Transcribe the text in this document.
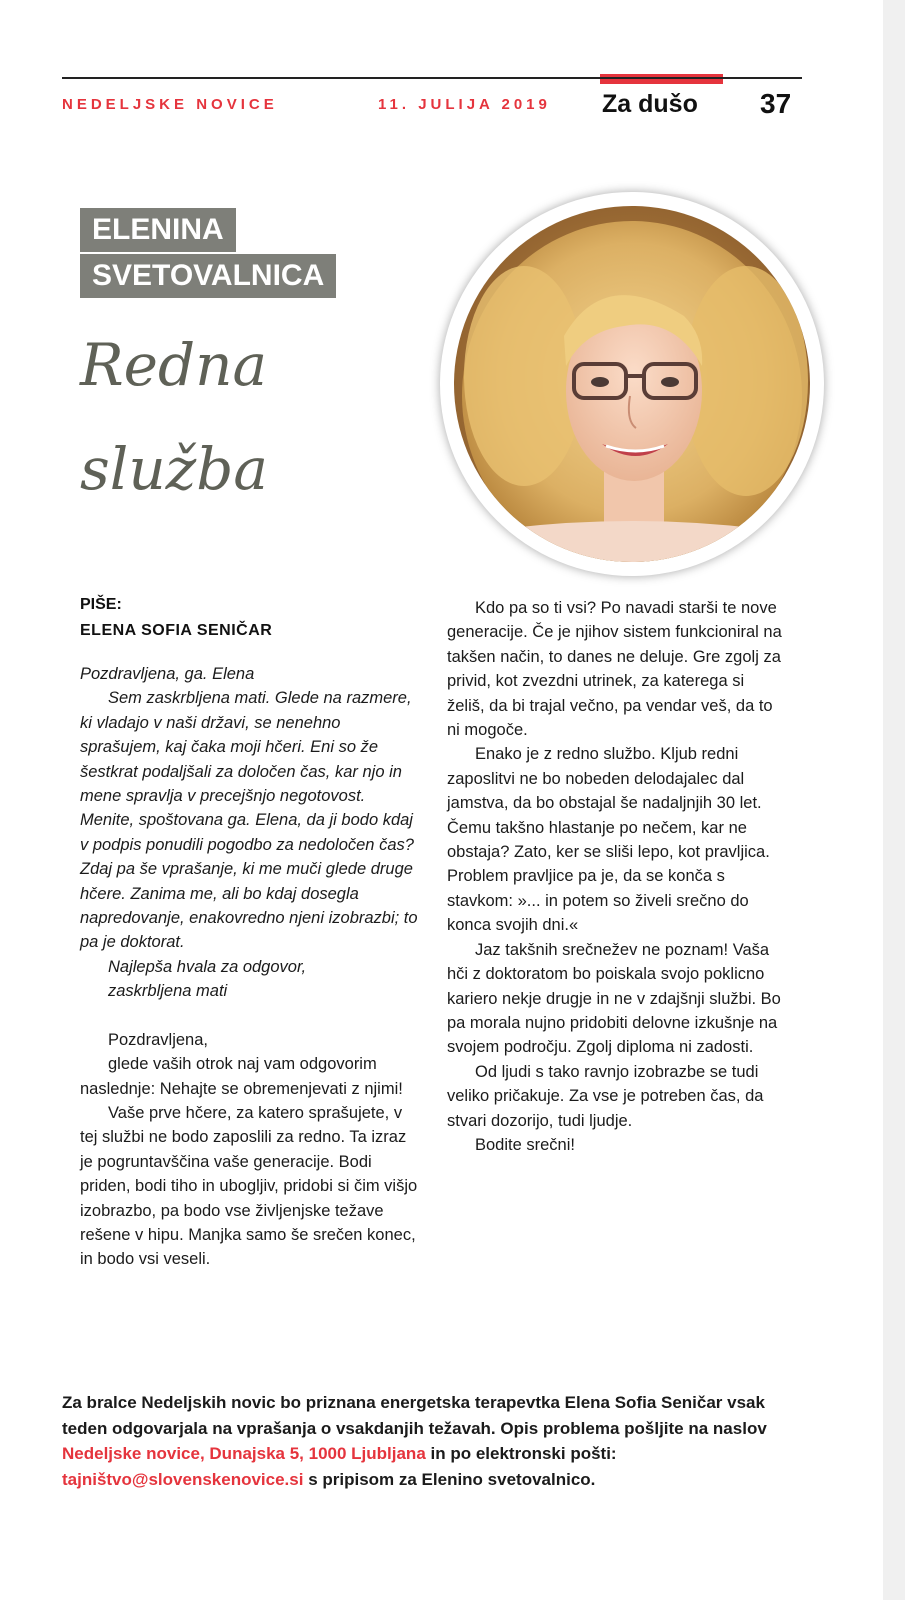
NEDELJSKE NOVICE	11. JULIJA 2019 Za dušo 37
ELENINA
SVETOVALNICA
Redna
služba
PIŠE:
ELENA SOFIA SENIČAR

Pozdravljena, ga. Elena

Sem zaskrbljena mati. Glede na razmere, ki vladajo v naši državi, se nenehno sprašujem, kaj čaka moji hčeri. Eni so že šestkrat podaljšali za določen čas, kar njo in mene spravlja v precejšnjo negotovost. Menite, spoštovana ga. Elena, da ji bodo kdaj v podpis ponudili pogodbo za nedoločen čas? Zdaj pa še vprašanje, ki me muči glede druge hčere. Zanima me, ali bo kdaj dosegla napredovanje, enakovredno njeni izobrazbi; to pa je doktorat.

Najlepša hvala za odgovor,

zaskrbljena mati

Pozdravljena,

glede vaših otrok naj vam odgovorim naslednje: Nehajte se obremenjevati z njimi!

Vaše prve hčere, za katero sprašujete, v tej službi ne bodo zaposlili za redno. Ta izraz je pogruntavščina vaše generacije. Bodi priden, bodi tiho in ubogljiv, pridobi si čim višjo izobrazbo, pa bodo vse življenjske težave rešene v hipu. Manjka samo še srečen konec, in bodo vsi veseli.

Kdo pa so ti vsi? Po navadi starši te nove generacije. Če je njihov sistem funkcioniral na takšen način, to danes ne deluje. Gre zgolj za privid, kot zvezdni utrinek, za katerega si želiš, da bi trajal večno, pa vendar veš, da to ni mogoče.

Enako je z redno službo. Kljub redni zaposlitvi ne bo nobeden delodajalec dal jamstva, da bo obstajal še nadaljnjih 30 let. Čemu takšno hlastanje po nečem, kar ne obstaja? Zato, ker se sliši lepo, kot pravljica. Problem pravljice pa je, da se konča s stavkom: »... in potem so živeli srečno do konca svojih dni.«

Jaz takšnih srečnežev ne poznam! Vaša hči z doktoratom bo poiskala svojo poklicno kariero nekje drugje in ne v zdajšnji službi. Bo pa morala nujno pridobiti delovne izkušnje na svojem področju. Zgolj diploma ni zadosti.

Od ljudi s tako ravnjo izobrazbe se tudi veliko pričakuje. Za vse je potreben čas, da stvari dozorijo, tudi ljudje.

Bodite srečni!

Za bralce Nedeljskih novic bo priznana energetska terapevtka Elena Sofia Seničar vsak teden odgovarjala na vprašanja o vsakdanjih težavah. Opis problema pošljite na naslov Nedeljske novice, Dunajska 5, 1000 Ljubljana in po elektronski pošti: tajništvo@slovenskenovice.si s pripisom za Elenino svetovalnico.
